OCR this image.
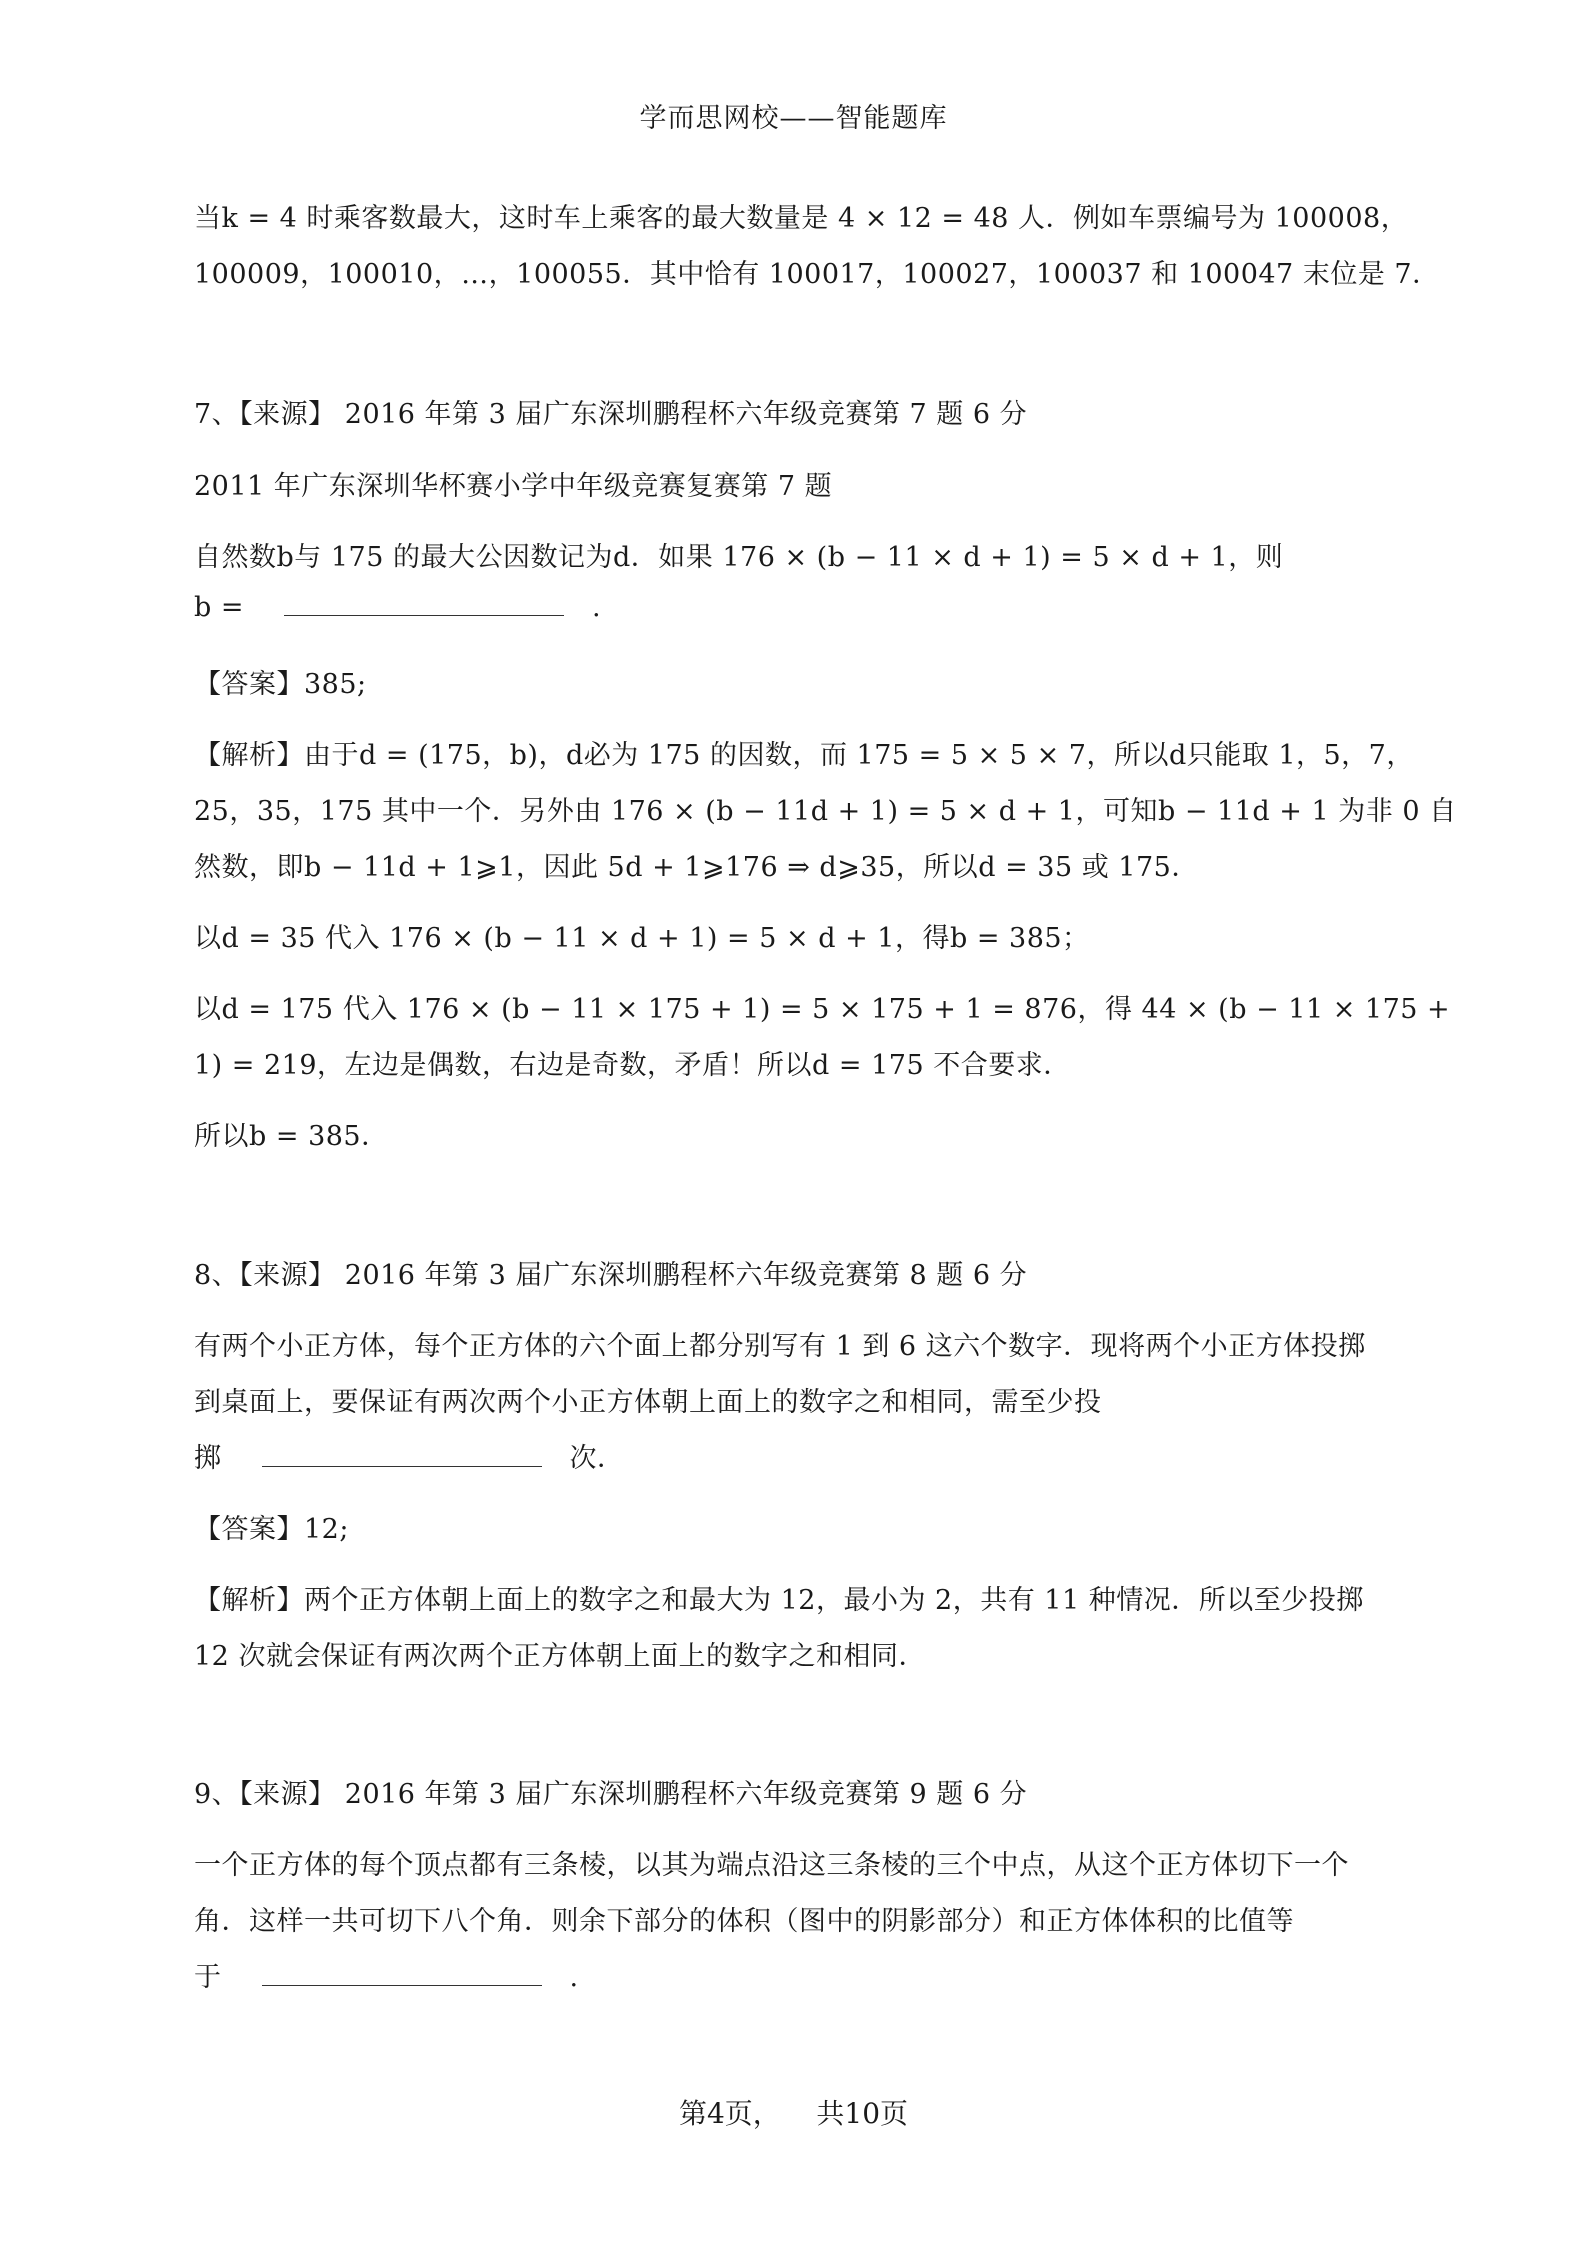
学而思网校——智能题库
当k = 4 时乘客数最大，这时车上乘客的最大数量是 4 × 12 = 48 人．例如车票编号为 100008，
100009，100010，…，100055．其中恰有 100017，100027，100037 和 100047 末位是 7．
7、【来源】 2016 年第 3 届广东深圳鹏程杯六年级竞赛第 7 题 6 分
2011 年广东深圳华杯赛小学中年级竞赛复赛第 7 题
自然数b与 175 的最大公因数记为d．如果 176 × (b − 11 × d + 1) = 5 × d + 1，则
b =	.
【答案】385;
【解析】由于d = (175，b)，d必为 175 的因数，而 175 = 5 × 5 × 7，所以d只能取 1，5，7，
25，35，175 其中一个．另外由 176 × (b − 11d + 1) = 5 × d + 1，可知b − 11d + 1 为非 0 自
然数，即b − 11d + 1⩾1，因此 5d + 1⩾176 ⇒ d⩾35，所以d = 35 或 175．
以d = 35 代入 176 × (b − 11 × d + 1) = 5 × d + 1，得b = 385；
以d = 175 代入 176 × (b − 11 × 175 + 1) = 5 × 175 + 1 = 876，得 44 × (b − 11 × 175 +
1) = 219，左边是偶数，右边是奇数，矛盾！所以d = 175 不合要求．
所以b = 385．
8、【来源】 2016 年第 3 届广东深圳鹏程杯六年级竞赛第 8 题 6 分
有两个小正方体，每个正方体的六个面上都分别写有 1 到 6 这六个数字．现将两个小正方体投掷
到桌面上，要保证有两次两个小正方体朝上面上的数字之和相同，需至少投
掷	次．
【答案】12;
【解析】两个正方体朝上面上的数字之和最大为 12，最小为 2，共有 11 种情况．所以至少投掷
12 次就会保证有两次两个正方体朝上面上的数字之和相同．
9、【来源】 2016 年第 3 届广东深圳鹏程杯六年级竞赛第 9 题 6 分
一个正方体的每个顶点都有三条棱，以其为端点沿这三条棱的三个中点，从这个正方体切下一个
角．这样一共可切下八个角．则余下部分的体积（图中的阴影部分）和正方体体积的比值等
于	.
第4页， 共10页
